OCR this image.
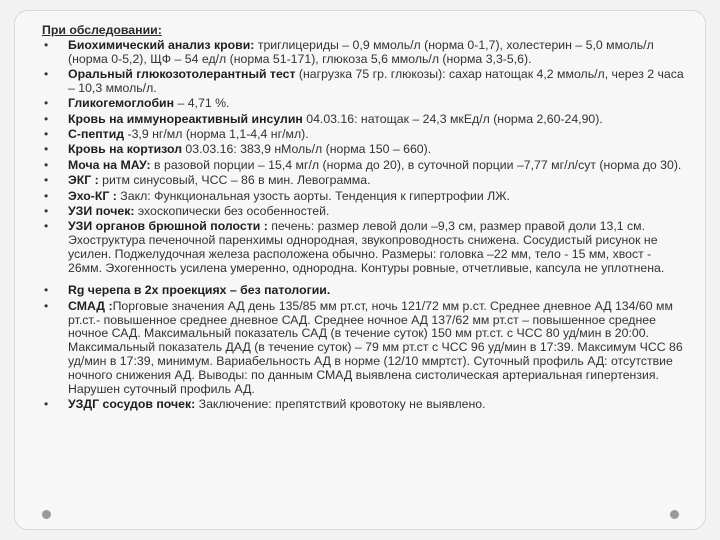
При обследовании:
• Биохимический анализ крови: триглицериды – 0,9 ммоль/л (норма 0-1,7), холестерин – 5,0 ммоль/л (норма 0-5,2), ЩФ – 54 ед/л (норма 51-171), глюкоза 5,6 ммоль/л (норма 3,3-5,6).
• Оральный глюкозотолерантный тест (нагрузка 75 гр. глюкозы): сахар натощак 4,2 ммоль/л, через 2 часа – 10,3 ммоль/л.
• Гликогемоглобин – 4,71 %.
• Кровь на иммунореактивный инсулин 04.03.16: натощак – 24,3 мкЕд/л (норма 2,60-24,90).
• С-пептид -3,9 нг/мл (норма 1,1-4,4 нг/мл).
• Кровь на кортизол 03.03.16: 383,9 нМоль/л (норма 150 – 660).
• Моча на МАУ: в разовой порции – 15,4 мг/л (норма до 20), в суточной порции –7,77 мг/л/сут (норма до 30).
• ЭКГ : ритм синусовый, ЧСС – 86 в мин. Левограмма.
• Эхо-КГ : Закл: Функциональная узость аорты. Тенденция к гипертрофии ЛЖ.
• УЗИ почек: эхоскопически без особенностей.
• УЗИ органов брюшной полости : печень: размер левой доли –9,3 см, размер правой доли 13,1 см. Эхоструктура печеночной паренхимы однородная, звукопроводность снижена. Сосудистый рисунок не усилен. Поджелудочная железа расположена обычно. Размеры: головка –22 мм, тело - 15 мм, хвост - 26мм. Эхогенность усилена умеренно, однородна. Контуры ровные, отчетливые, капсула не уплотнена.
• Rg черепа в 2х проекциях – без патологии.
• СМАД :Порговые значения АД день 135/85 мм рт.ст, ночь 121/72 мм р.ст. Среднее дневное АД 134/60 мм рт.ст.- повышенное среднее дневное САД. Среднее ночное АД 137/62 мм рт.ст – повышенное среднее ночное САД. Максимальный показатель САД (в течение суток) 150 мм рт.ст. с ЧСС 80 уд/мин в 20:00. Максимальный показатель ДАД (в течение суток) – 79 мм рт.ст с ЧСС 96 уд/мин в 17:39. Максимум ЧСС 86 уд/мин в 17:39, минимум. Вариабельность АД в норме (12/10 ммртст). Суточный профиль АД: отсутствие ночного снижения АД. Выводы: по данным СМАД выявлена систолическая артериальная гипертензия. Нарушен суточный профиль АД.
• УЗДГ сосудов почек: Заключение: препятствий кровотоку не выявлено.
